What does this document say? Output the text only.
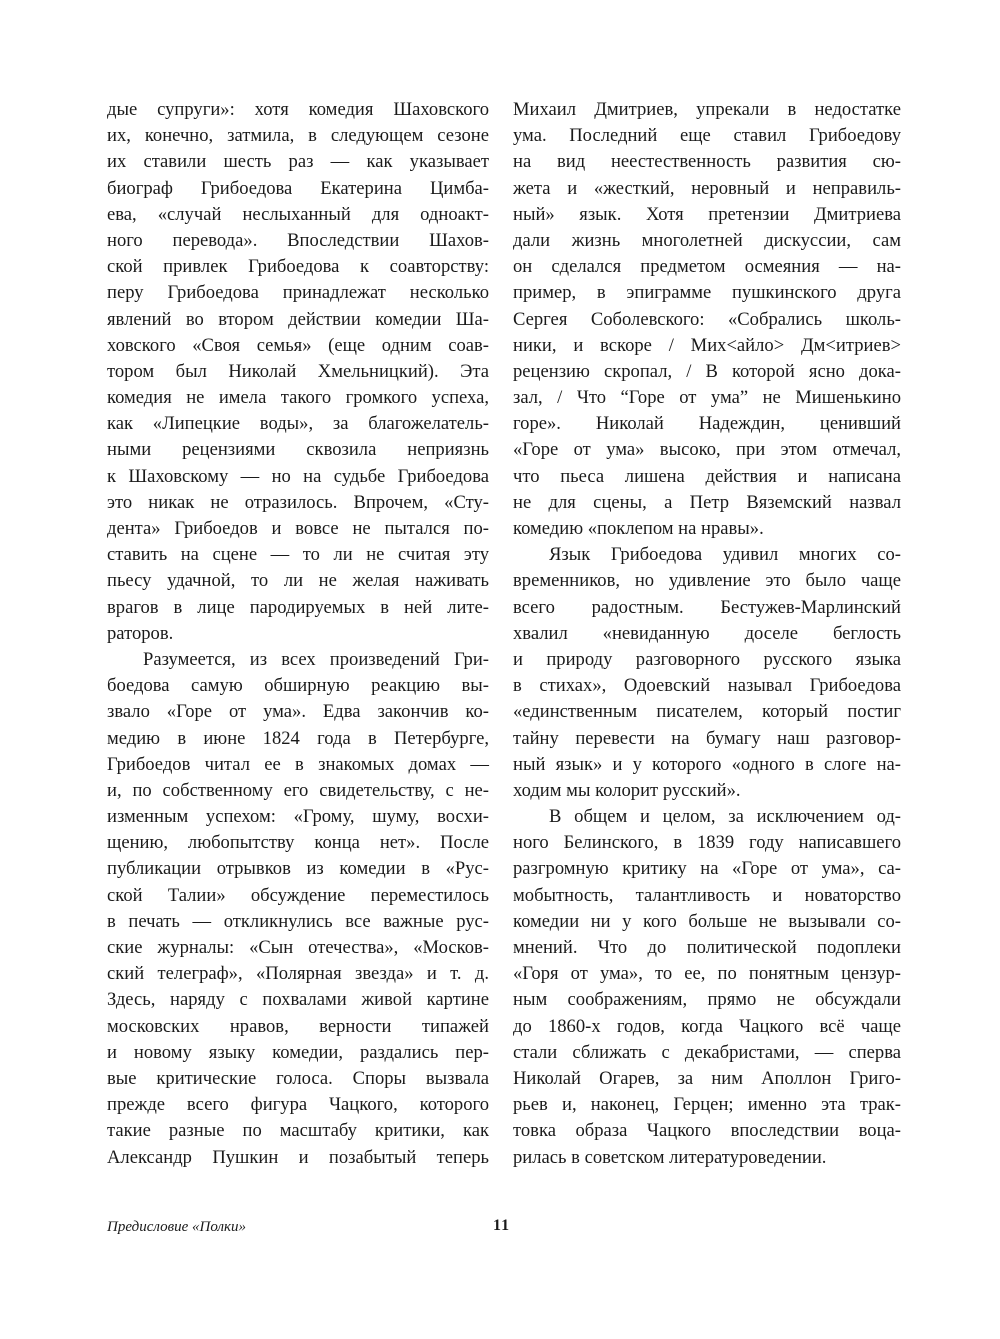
дые супруги»: хотя комедия Шаховского
их, конечно, затмила, в следующем сезоне
их ставили шесть раз — как указывает
биограф Грибоедова Екатерина Цимба-
ева, «случай неслыханный для одноакт-
ного перевода». Впоследствии Шахов-
ской привлек Грибоедова к соавторству:
перу Грибоедова принадлежат несколько
явлений во втором действии комедии Ша-
ховского «Своя семья» (еще одним соав-
тором был Николай Хмельницкий). Эта
комедия не имела такого громкого успеха,
как «Липецкие воды», за благожелатель-
ными рецензиями сквозила неприязнь
к Шаховскому — но на судьбе Грибоедова
это никак не отразилось. Впрочем, «Сту-
дента» Грибоедов и вовсе не пытался по-
ставить на сцене — то ли не считая эту
пьесу удачной, то ли не желая наживать
врагов в лице пародируемых в ней лите-
раторов.
Разумеется, из всех произведений Гри-
боедова самую обширную реакцию вы-
звало «Горе от ума». Едва закончив ко-
медию в июне 1824 года в Петербурге,
Грибоедов читал ее в знакомых домах —
и, по собственному его свидетельству, с не-
изменным успехом: «Грому, шуму, восхи-
щению, любопытству конца нет». После
публикации отрывков из комедии в «Рус-
ской Талии» обсуждение переместилось
в печать — откликнулись все важные рус-
ские журналы: «Сын отечества», «Москов-
ский телеграф», «Полярная звезда» и т. д.
Здесь, наряду с похвалами живой картине
московских нравов, верности типажей
и новому языку комедии, раздались пер-
вые критические голоса. Споры вызвала
прежде всего фигура Чацкого, которого
такие разные по масштабу критики, как
Александр Пушкин и позабытый теперь
Михаил Дмитриев, упрекали в недостатке
ума. Последний еще ставил Грибоедову
на вид неестественность развития сю-
жета и «жесткий, неровный и неправиль-
ный» язык. Хотя претензии Дмитриева
дали жизнь многолетней дискуссии, сам
он сделался предметом осмеяния — на-
пример, в эпиграмме пушкинского друга
Сергея Соболевского: «Собрались школь-
ники, и вскоре / Мих<айло> Дм<итриев>
рецензию скропал, / В которой ясно дока-
зал, / Что “Горе от ума” не Мишенькино
горе». Николай Надеждин, ценивший
«Горе от ума» высоко, при этом отмечал,
что пьеса лишена действия и написана
не для сцены, а Петр Вяземский назвал
комедию «поклепом на нравы».
Язык Грибоедова удивил многих со-
временников, но удивление это было чаще
всего радостным. Бестужев-Марлинский
хвалил «невиданную доселе беглость
и природу разговорного русского языка
в стихах», Одоевский называл Грибоедова
«единственным писателем, который постиг
тайну перевести на бумагу наш разговор-
ный язык» и у которого «одного в слоге на-
ходим мы колорит русский».
В общем и целом, за исключением од-
ного Белинского, в 1839 году написавшего
разгромную критику на «Горе от ума», са-
мобытность, талантливость и новаторство
комедии ни у кого больше не вызывали со-
мнений. Что до политической подоплеки
«Горя от ума», то ее, по понятным цензур-
ным соображениям, прямо не обсуждали
до 1860-х годов, когда Чацкого всё чаще
стали сближать с декабристами, — сперва
Николай Огарев, за ним Аполлон Григо-
рьев и, наконец, Герцен; именно эта трак-
товка образа Чацкого впоследствии воца-
рилась в советском литературоведении.
Предисловие «Полки»	11
